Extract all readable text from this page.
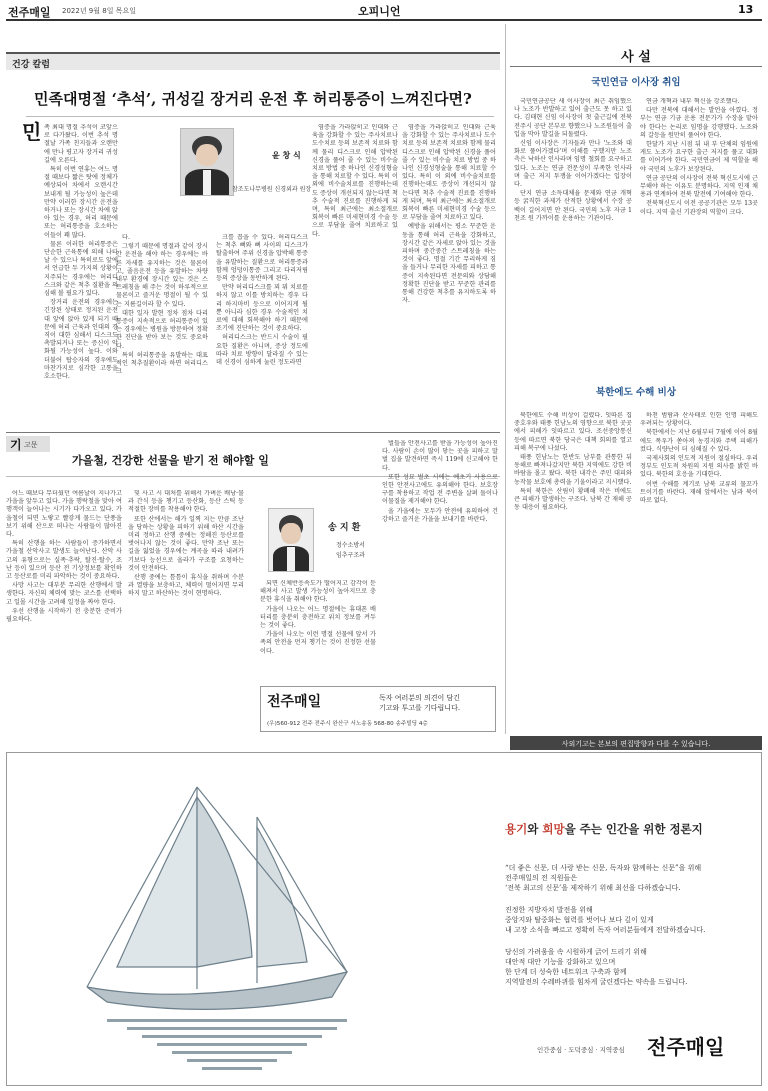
전주매일 2022년 9월 8일 목요일	오피니언	13
건강 칼럼
민족대명절 ‘추석’, 귀성길 장거리 운전 후 허리통증이 느껴진다면?
민 족 최대 명절 추석이 코앞으로 다가왔다. 이번 추석 명절날 가족 친지들과 오랜만에 만나 평고자 장거리 귀성길에 오른다.

특히 이번 연휴는 여느 명절 때보다 짧은 탓에 정체가 예상되어 차에서 오랜시간 보내게 될 가능성이 높은데 만약 이러한 장시간 운전을 하거나 또는 장시간 차에 앉아 있는 경우, 허리 때문에 또는 허리통증을 호소하는 이들이 꽤 많다.

물론 이러한 허리통증은 단순한 근육통에 의해 나타날 수 있으나 특히로도 앞에서 언급한 두 가지의 상황이 지주되는 경우에는 허리디스크와 같은 척추 질환을 의심해 볼 필요가 있다.

장거리 운전의 경우에는 긴장된 상태로 정지된 운전대 앞에 앉아 있게 되기 때문에 허리 근육과 인대의 경직이 대한 심해서 디스크도 촉발되거나 또는 증신이 악화될 가능성이 높다. 이와 더불어 탑승자의 경우에도 마찬가지로 심각한 고통을 호소한다.

윤 창 식
참조도나무병원 신경외과 원장

다.

그렇기 때문에 명절과 같이 장시간 운전을 해야 하는 경우에는 바른 자세를 유지하는 것은 물론이고, 졸음운전 등을 유발하는 차량 내부 환경에 장시간 있는 것은 스트레칭을 해 주는 것이 하루적으로 물론이고 즐거운 명절이 될 수 있는 지름길이라 할 수 있다.

대한 일자 발현 정차 점차 다리 통증이 지속적으로 허리통증이 있는 경우에는 병원을 방문하여 정확한 진단을 받아 보는 것도 중요하다.

특히 허리통증을 유발하는 대표적인 척추질환이라 하면 허리디스크

크를 꼽을 수 있다. 허리디스크는 척추 뼈와 뼈 사이의 디스크가 탈출하여 주위 신경을 압박해 통증을 유발하는 질환으로 허리통증과 함께 엉덩이통증 그리고 다리저림 등의 증상을 동반하게 된다.

만약 허리디스크를 꾀 뭐 치료를 하지 않고 이를 방치하는 경우 다리 하지마비 등으로 이어지게 될 뿐 아니라 심한 경우 수술적인 치료에 대해 회복해야 하기 때문에 조기에 진단하는 것이 중요하다.

허리디스크는 반드시 수술이 필요한 질환은 아니며, 증상 정도에 따라 치료 방향이 달라질 수 있는데 신경이 심하게 눌린 정도라면

염증을 가라앉히고 인대와 근육을 강화할 수 있는 주사치료나 도수치료 등의 보존적 치료와 함께 물리 디스크로 인해 압박된 신경을 풀어 줄 수 있는 비수술 치료 방법 중 하나인 신경성형술을 통해 치료할 수 있다. 특히 이 외에 비수술치료를 진행하는데도 증상이 개선되지 않는다면 척추 수술적 진료를 진행하게 되며, 특히 최근에는 최소절개로 회복이 빠른 미세현미경 수술 등으로 부담을 줄여 치료하고 있다.

예방을 위해서는 평소 꾸준한 운동을 통해 허리 근육을 강화하고, 장시간 같은 자세로 앉아 있는 것을 피하며 중간중간 스트레칭을 하는 것이 좋다. 명절 기간 무리하게 짐을 들거나 무리한 자세를 피하고 통증이 지속된다면 전문의와 상담해 정확한 진단을 받고 꾸준한 관리를 통해 건강한 척추를 유지하도록 하자.

염증을 가라앉히고 인대와 근육을 강화할 수 있는 주사치료나 도수치료 등의 보존적 치료와 함께 물리 디스크로 인해 압박된 신경을 풀어 줄 수 있는 비수술 치료 방법 중 하나인 신경성형술을 통해 치료할 수 있다. 특히 이 외에 비수술치료를 진행하는데도 증상이 개선되지 않는다면 척추 수술적 진료를 진행하게 되며, 특히 최근에는 최소절개로 회복이 빠른 미세현미경 수술 등으로 부담을 줄여 치료하고 있다.

사 설
국민연금 이사장 취임

국민연금공단 새 이사장이 최근 취임했으나 노조가 반발하고 있어 출근도 못 하고 있다. 김태현 신임 이사장이 첫 출근길에 전북 전주시 공단 본부로 향했으나 노조원들이 출입을 막아 발길을 되돌렸다.

신임 이사장은 기자들과 만나 '노조와 대화로 풀어가겠다'며 이해를 구했지만 노조 측은 낙하산 인사라며 임명 철회를 요구하고 있다. 노조는 연금 전문성이 부족한 인사라며 출근 저지 투쟁을 이어가겠다는 입장이다.

단지 연금 소득대체율 문제와 연금 개혁 등 굵직한 과제가 산적한 상황에서 수장 공백이 길어지면 안 된다. 국민의 노후 자금 1천조 원 가까이를 운용하는 기관이다.

연금 개혁과 내부 혁신을 강조했다.

다만 전북에 대해서는 발언을 아꼈다. 정부는 연금 기금 운용 전문가가 수장을 맡아야 한다는 논리로 임명을 강행했다. 노조와의 갈등을 원만히 풀어야 한다.

한달가 지난 시점 뒤 내 부 단체의 임원에게도 노조가 요구한 출근 저지를 풀고 대화를 이어가야 한다. 국민연금이 제 역할을 해야 국민의 노후가 보장된다.

연금 공단의 이사장이 전북 혁신도시에 근무해야 하는 이유도 분명하다. 지역 인재 채용과 연계하여 전북 발전에 기여해야 한다.

전북혁신도시 이전 공공기관은 모두 13곳이다. 지역 출신 기관장의 역할이 크다.

북한에도 수해 비상

북한에도 수해 비상이 걸렸다. 잇따른 집중호우와 태풍 힌남노의 영향으로 북한 곳곳에서 피해가 잇따르고 있다. 조선중앙통신 등에 따르면 북한 당국은 대책 회의를 열고 피해 복구에 나섰다.

태풍 힌남노는 한반도 남부를 관통한 뒤 동해로 빠져나갔지만 북한 지역에도 강한 비바람을 몰고 왔다. 북한 내각은 주민 대피와 농작물 보호에 총력을 기울이라고 지시했다.

특히 북한은 산림이 황폐해 작은 비에도 큰 피해가 발생하는 구조다. 남북 간 재해 공동 대응이 필요하다.

하천 범람과 산사태로 인한 인명 피해도 우려되는 상황이다.

북한에서는 지난 6월부터 7월에 이어 8월에도 폭우가 쏟아져 농경지와 주택 피해가 컸다. 식량난이 더 심해질 수 있다.

국제사회의 인도적 지원이 절실하다. 우리 정부도 인도적 차원의 지원 의사를 밝힌 바 있다. 북한의 호응을 기대한다.

이번 수해를 계기로 남북 교류의 물꼬가 트이기를 바란다. 재해 앞에서는 남과 북이 따로 없다.

기 고문
가을철, 건강한 선물을 받기 전 해야할 일

어느 때보다 무더웠던 여름날이 지나가고 가을을 앞두고 있다. 가을 행락철을 맞아 여행객이 늘어나는 시기가 다가오고 있다. 가을철이 되면 노랗고 빨갛게 물드는 단풍을 보기 위해 산으로 떠나는 사람들이 많아진다.

특히 산행을 하는 사람들이 증가하면서 가을철 산악사고 발생도 늘어난다. 산악 사고의 유형으로는 실족·추락, 탈진·탈수, 조난 등이 있으며 등산 전 기상정보를 확인하고 등산로를 미리 파악하는 것이 중요하다.

사망 사고는 대부분 무리한 산행에서 발생한다. 자신의 체력에 맞는 코스를 선택하고 일몰 시간을 고려해 일정을 짜야 한다.

우선 산행을 시작하기 전 충분한 준비가 필요하다.

및 사고 시 대처를 위해서 가벼운 배낭·물과 간식 등을 챙기고 등산화, 등산 스틱 등 적절한 장비를 착용해야 한다.

또한 산에서는 해가 일찍 지는 만큼 조난을 당하는 상황을 피하기 위해 하산 시간을 미리 정하고 산행 중에는 정해진 등산로를 벗어나지 않는 것이 좋다. 만약 조난 또는 길을 잃었을 경우에는 계곡을 따라 내려가기보다 능선으로 올라가 구조를 요청하는 것이 안전하다.

산행 중에는 틈틈이 휴식을 취하며 수분과 열량을 보충하고, 체력이 떨어지면 무리하지 말고 하산하는 것이 현명하다.

송 지 환
정수소방서
임추구조과

되면 신체반응속도가 떨어지고 감각이 둔해져서 사고 발생 가능성이 높아지므로 충분한 휴식을 취해야 한다.

가을이 나오는 어느 명절에는 휴대폰 배터리를 충분히 충전하고 위치 정보를 켜두는 것이 좋다.

가을이 나오는 이런 명절 선물에 앞서 가족의 안전을 먼저 챙기는 것이 진정한 선물이다.

벌들을 안전사고를 받을 가능성이 높아진다. 사람이 손이 많이 닿는 곳을 피하고 말벌 집을 발견하면 즉시 119에 신고해야 한다.

또한 성묘 벌초 시에는 예초기 사용으로 인한 안전사고에도 유의해야 한다. 보호장구를 착용하고 작업 전 주변을 살펴 돌이나 이물질을 제거해야 한다.

올 가을에는 모두가 안전에 유의하여 건강하고 즐거운 가을을 보내기를 바란다.

전주매일	독자 여러분의 의견이 담긴
기고와 투고를 기다립니다.
(우)560-912 전주 전주시 완산구 서노송동 568-80 송주빌딩 4층
사외기고는 본보의 편집방향과 다를 수 있습니다.
용기와 희망을 주는 인간을 위한 정론지
“더 좋은 신문, 더 사랑 받는 신문, 독자와 함께하는 신문”을 위해
전주매일의 전 직원들은
‘전북 최고의 신문’을 제작하기 위해 최선을 다하겠습니다.
진정한 지방자치 발전을 위해
중앙지와 탈중화는 협력를 벗어나 보다 깊이 있게
내 고장 소식을 빠르고 정확히 독자 여러분들에게 전달하겠습니다.
당신의 가려움을 속 시원하게 긁어 드리기 위해
대안적 대안 기능을 강화하고 있으며
한 단계 더 성숙한 네트워크 구축과 함께
지역발전의 수레바퀴를 힘차게 굴린겠다는 약속을 드립니다.
인간중심 · 도덕중심 · 지역중심 전주매일
